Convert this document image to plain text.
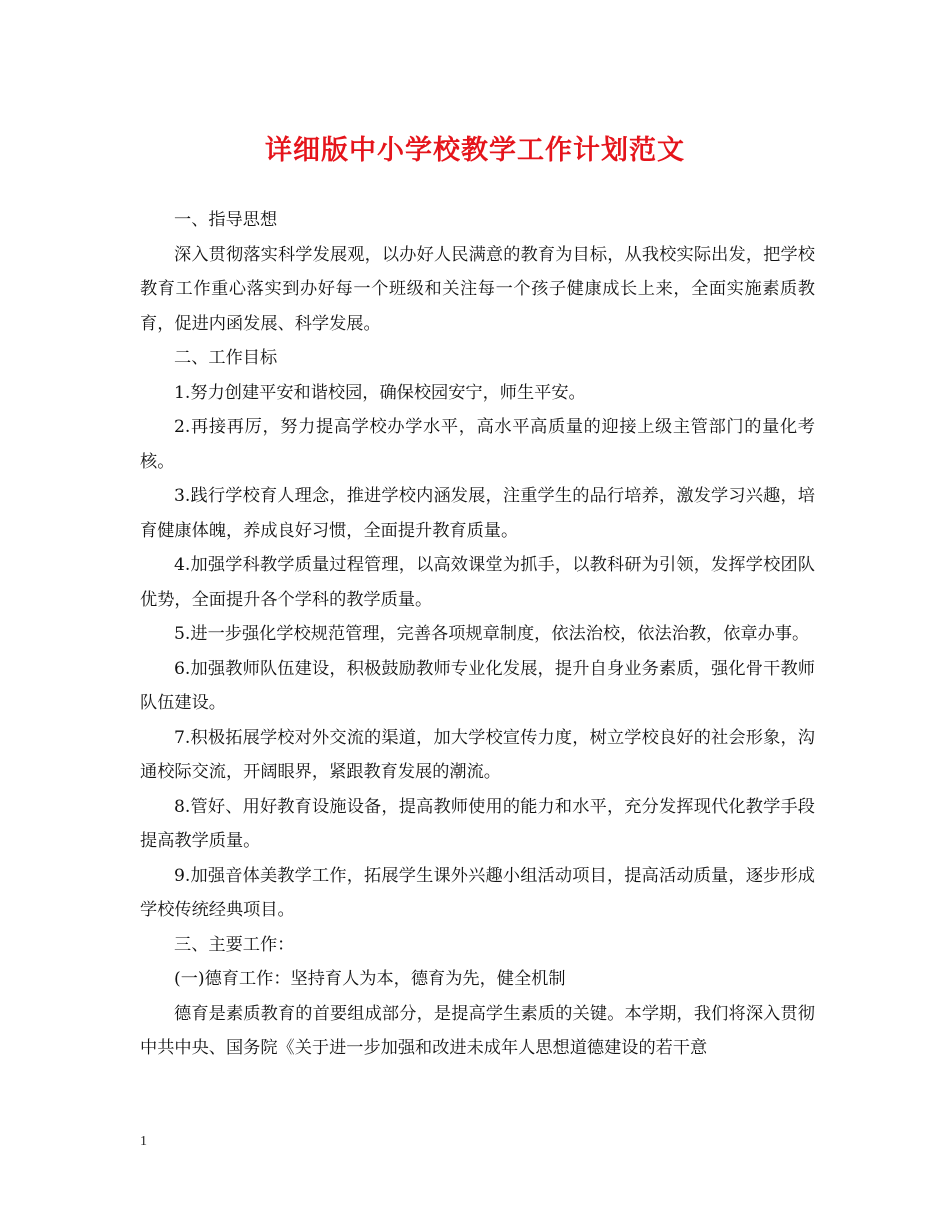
详细版中小学校教学工作计划范文

一、指导思想

深入贯彻落实科学发展观，以办好人民满意的教育为目标，从我校实际出发，把学校教育工作重心落实到办好每一个班级和关注每一个孩子健康成长上来，全面实施素质教育，促进内函发展、科学发展。

二、工作目标

1.努力创建平安和谐校园，确保校园安宁，师生平安。

2.再接再厉，努力提高学校办学水平，高水平高质量的迎接上级主管部门的量化考核。

3.践行学校育人理念，推进学校内涵发展，注重学生的品行培养，激发学习兴趣，培育健康体魄，养成良好习惯，全面提升教育质量。

4.加强学科教学质量过程管理，以高效课堂为抓手，以教科研为引领，发挥学校团队优势，全面提升各个学科的教学质量。

5.进一步强化学校规范管理，完善各项规章制度，依法治校，依法治教，依章办事。

6.加强教师队伍建设，积极鼓励教师专业化发展，提升自身业务素质，强化骨干教师队伍建设。

7.积极拓展学校对外交流的渠道，加大学校宣传力度，树立学校良好的社会形象，沟通校际交流，开阔眼界，紧跟教育发展的潮流。

8.管好、用好教育设施设备，提高教师使用的能力和水平，充分发挥现代化教学手段提高教学质量。

9.加强音体美教学工作，拓展学生课外兴趣小组活动项目，提高活动质量，逐步形成学校传统经典项目。

三、主要工作：

(一)德育工作：坚持育人为本，德育为先，健全机制

德育是素质教育的首要组成部分，是提高学生素质的关键。本学期，我们将深入贯彻中共中央、国务院《关于进一步加强和改进未成年人思想道德建设的若干意

1
